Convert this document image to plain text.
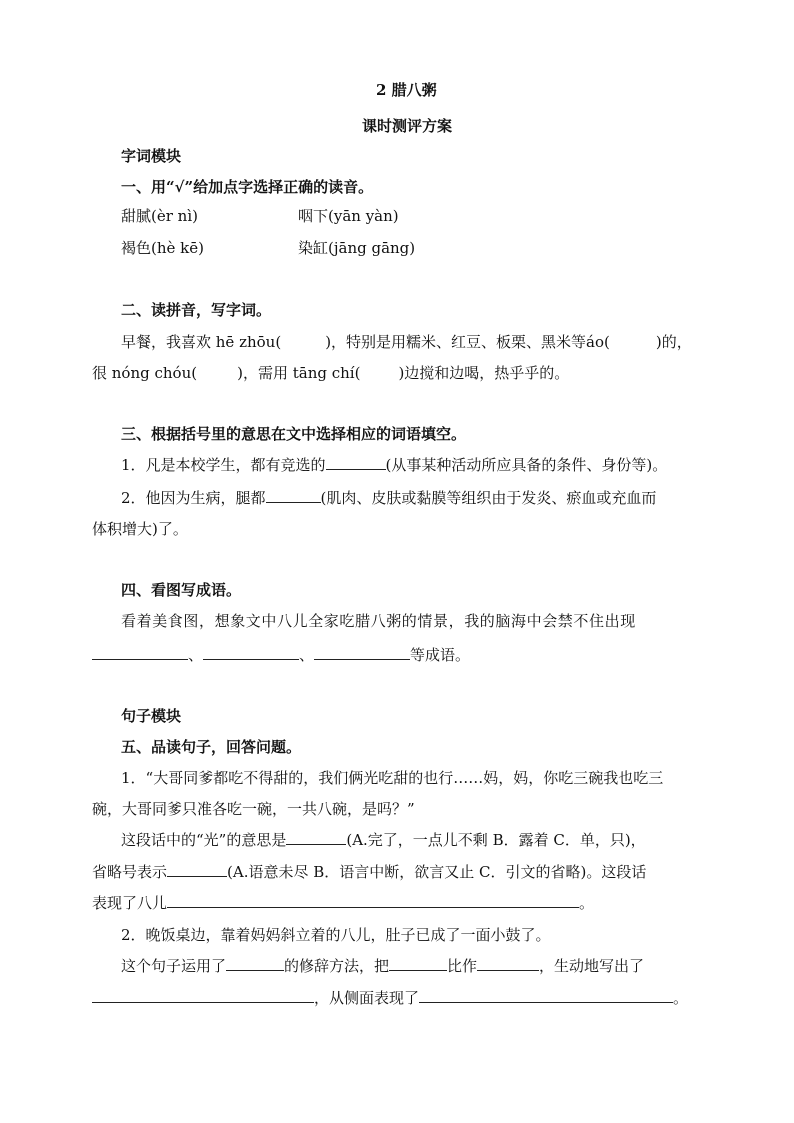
2 腊八粥
课时测评方案
字词模块
一、用“√”给加点字选择正确的读音。
甜腻(èr nì)	咽下(yān yàn)
褐色(hè kē)	染缸(jāng gāng)
二、读拼音，写字词。
早餐，我喜欢 hē zhōu(	)，特别是用糯米、红豆、板栗、黑米等áo(	)的，
很 nóng chóu(	)，需用 tāng chí(	)边搅和边喝，热乎乎的。
三、根据括号里的意思在文中选择相应的词语填空。
1．凡是本校学生，都有竞选的	(从事某种活动所应具备的条件、身份等)。
2．他因为生病，腿都	(肌肉、皮肤或黏膜等组织由于发炎、瘀血或充血而
体积增大)了。
四、看图写成语。
看着美食图，想象文中八儿全家吃腊八粥的情景，我的脑海中会禁不住出现
、	、	等成语。
句子模块
五、品读句子，回答问题。
1．“大哥同爹都吃不得甜的，我们俩光吃甜的也行……妈，妈，你吃三碗我也吃三
碗，大哥同爹只准各吃一碗，一共八碗，是吗？”
这段话中的“光”的意思是	(A.完了，一点儿不剩 B．露着 C．单，只)，
省略号表示	(A.语意未尽 B．语言中断，欲言又止 C．引文的省略)。这段话
表现了八儿	。
2．晚饭桌边，靠着妈妈斜立着的八儿，肚子已成了一面小鼓了。
这个句子运用了	的修辞方法，把	比作	，生动地写出了
，从侧面表现了	。
